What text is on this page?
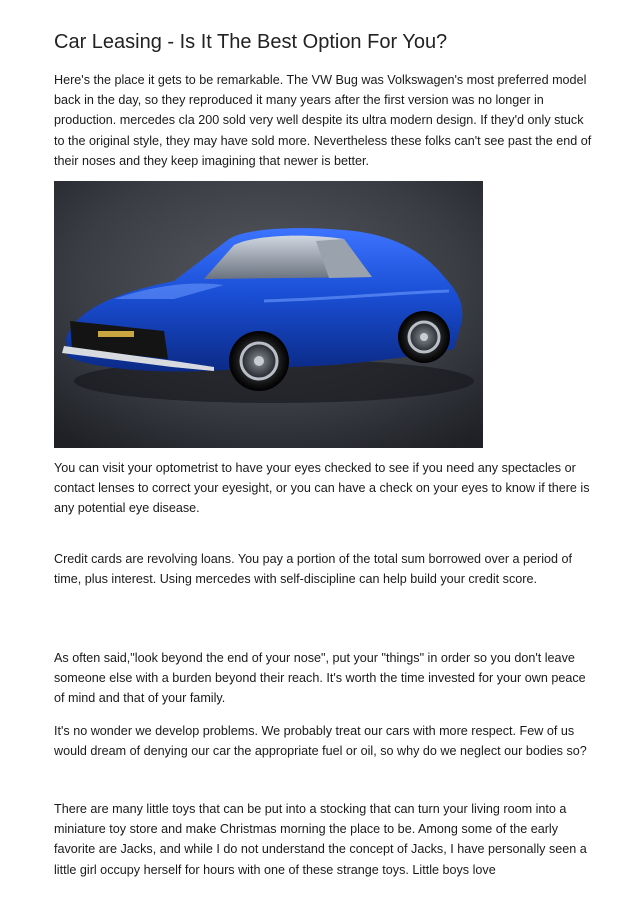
Car Leasing - Is It The Best Option For You?

Here's the place it gets to be remarkable. The VW Bug was Volkswagen's most preferred model back in the day, so they reproduced it many years after the first version was no longer in production. mercedes cla 200 sold very well despite its ultra modern design. If they'd only stuck to the original style, they may have sold more. Nevertheless these folks can't see past the end of their noses and they keep imagining that newer is better.

You can visit your optometrist to have your eyes checked to see if you need any spectacles or contact lenses to correct your eyesight, or you can have a check on your eyes to know if there is any potential eye disease.

Credit cards are revolving loans. You pay a portion of the total sum borrowed over a period of time, plus interest. Using mercedes with self-discipline can help build your credit score.

As often said,"look beyond the end of your nose", put your "things" in order so you don't leave someone else with a burden beyond their reach. It's worth the time invested for your own peace of mind and that of your family.

It's no wonder we develop problems. We probably treat our cars with more respect. Few of us would dream of denying our car the appropriate fuel or oil, so why do we neglect our bodies so?

There are many little toys that can be put into a stocking that can turn your living room into a miniature toy store and make Christmas morning the place to be. Among some of the early favorite are Jacks, and while I do not understand the concept of Jacks, I have personally seen a little girl occupy herself for hours with one of these strange toys. Little boys love
